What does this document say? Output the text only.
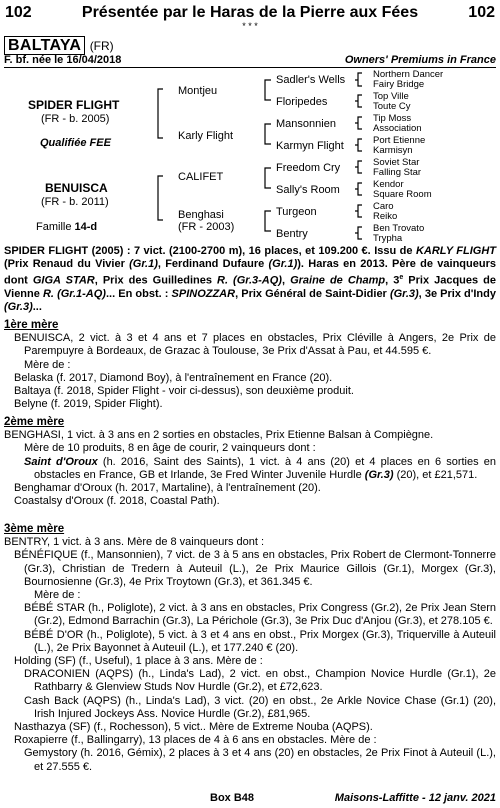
102	Présentée par le Haras de la Pierre aux Fées	102
* * *
BALTAYA (FR)
F. bf. née le 16/04/2018	Owners' Premiums in France
SPIDER FLIGHT
(FR - b. 2005)
Qualifiée FEE
BENUISCA
(FR - b. 2011)
Famille 14-d
Montjeu
Karly Flight
CALIFET
Benghasi
(FR - 2003)
Sadler's Wells
Floripedes
Mansonnien
Karmyn Flight
Freedom Cry
Sally's Room
Turgeon
Bentry
Northern Dancer
Fairy Bridge
Top Ville
Toute Cy
Tip Moss
Association
Port Etienne
Karmisyn
Soviet Star
Falling Star
Kendor
Square Room
Caro
Reiko
Ben Trovato
Trypha

SPIDER FLIGHT (2005) : 7 vict. (2100-2700 m), 16 places, et 109.200 €. Issu de KARLY FLIGHT (Prix Renaud du Vivier (Gr.1), Ferdinand Dufaure (Gr.1)). Haras en 2013. Père de vainqueurs dont GIGA STAR, Prix des Guilledines R. (Gr.3-AQ), Graine de Champ, 3e Prix Jacques de Vienne R. (Gr.1-AQ)... En obst. : SPINOZZAR, Prix Général de Saint-Didier (Gr.3), 3e Prix d'Indy (Gr.3)...

1ère mère

BENUISCA, 2 vict. à 3 et 4 ans et 7 places en obstacles, Prix Cléville à Angers, 2e Prix de Parempuyre à Bordeaux, de Grazac à Toulouse, 3e Prix d'Assat à Pau, et 44.595 €.

Mère de :

Belaska (f. 2017, Diamond Boy), à l'entraînement en France (20).

Baltaya (f. 2018, Spider Flight - voir ci-dessus), son deuxième produit.

Belyne (f. 2019, Spider Flight).

2ème mère

BENGHASI, 1 vict. à 3 ans en 2 sorties en obstacles, Prix Etienne Balsan à Compiègne.

Mère de 10 produits, 8 en âge de courir, 2 vainqueurs dont :

Saint d'Oroux (h. 2016, Saint des Saints), 1 vict. à 4 ans (20) et 4 places en 6 sorties en obstacles en France, GB et Irlande, 3e Fred Winter Juvenile Hurdle (Gr.3) (20), et £21,571.

Benghamar d'Oroux (h. 2017, Martaline), à l'entraînement (20).

Coastalsy d'Oroux (f. 2018, Coastal Path).

3ème mère

BENTRY, 1 vict. à 3 ans. Mère de 8 vainqueurs dont :

BÉNÉFIQUE (f., Mansonnien), 7 vict. de 3 à 5 ans en obstacles, Prix Robert de Clermont-Tonnerre (Gr.3), Christian de Tredern à Auteuil (L.), 2e Prix Maurice Gillois (Gr.1), Morgex (Gr.3), Bournosienne (Gr.3), 4e Prix Troytown (Gr.3), et 361.345 €.

Mère de :

BÉBÉ STAR (h., Poliglote), 2 vict. à 3 ans en obstacles, Prix Congress (Gr.2), 2e Prix Jean Stern (Gr.2), Edmond Barrachin (Gr.3), La Périchole (Gr.3), 3e Prix Duc d'Anjou (Gr.3), et 278.105 €.

BÉBÉ D'OR (h., Poliglote), 5 vict. à 3 et 4 ans en obst., Prix Morgex (Gr.3), Triquerville à Auteuil (L.), 2e Prix Bayonnet à Auteuil (L.), et 177.240 € (20).

Holding (SF) (f., Useful), 1 place à 3 ans. Mère de :

DRACONIEN (AQPS) (h., Linda's Lad), 2 vict. en obst., Champion Novice Hurdle (Gr.1), 2e Rathbarry & Glenview Studs Nov Hurdle (Gr.2), et £72,623.

Cash Back (AQPS) (h., Linda's Lad), 3 vict. (20) en obst., 2e Arkle Novice Chase (Gr.1) (20), Irish Injured Jockeys Ass. Novice Hurdle (Gr.2), £81,965.

Nasthazya (SF) (f., Rochesson), 5 vict.. Mère de Extreme Nouba (AQPS).

Roxapierre (f., Ballingarry), 13 places de 4 à 6 ans en obstacles. Mère de :

Gemystory (h. 2016, Gémix), 2 places à 3 et 4 ans (20) en obstacles, 2e Prix Finot à Auteuil (L.), et 27.555 €.

Box B48	Maisons-Laffitte - 12 janv. 2021
